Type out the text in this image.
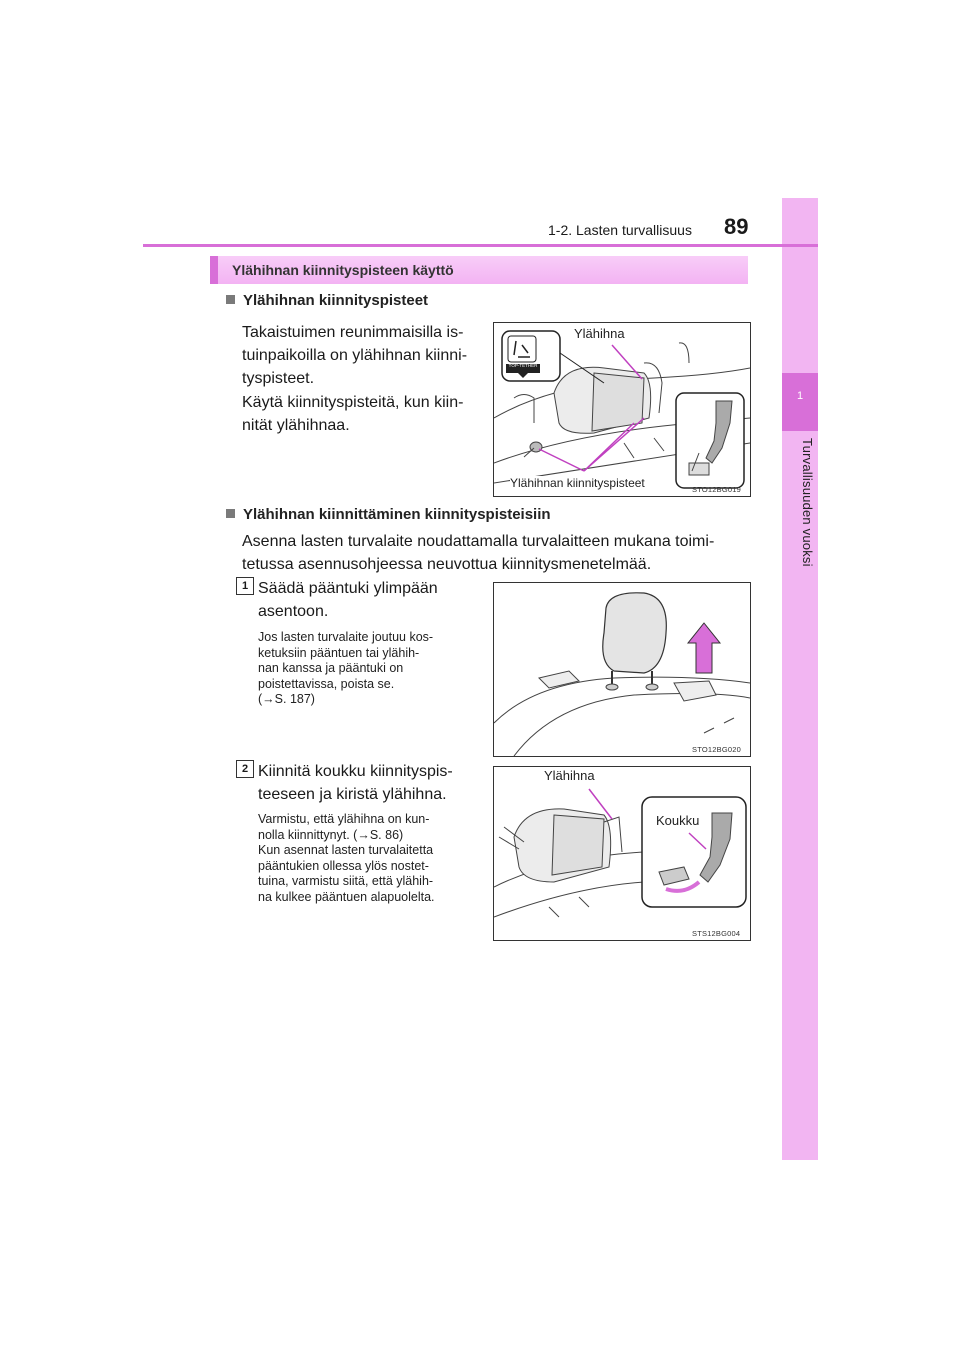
1
Turvallisuuden vuoksi
1-2. Lasten turvallisuus 89
Ylähihnan kiinnityspisteen käyttö
Ylähihnan kiinnityspisteet
Takaistuimen reunimmaisilla is-
tuinpaikoilla on ylähihnan kiinni-
tyspisteet.
Käytä kiinnityspisteitä, kun kiin-
nität ylähihnaa.
Ylähihna
Ylähihnan kiinnityspisteet
TOP-TETHER
STO12BG019
Ylähihnan kiinnittäminen kiinnityspisteisiin
Asenna lasten turvalaite noudattamalla turvalaitteen mukana toimi-
tetussa asennusohjeessa neuvottua kiinnitysmenetelmää.
1 Säädä pääntuki ylimpään
asentoon.
Jos lasten turvalaite joutuu kos-
ketuksiin pääntuen tai ylähih-
nan kanssa ja pääntuki on
poistettavissa, poista se.
(→S. 187)
STO12BG020
2 Kiinnitä koukku kiinnityspis-
teeseen ja kiristä ylähihna.
Varmistu, että ylähihna on kun-
nolla kiinnittynyt. (→S. 86)
Kun asennat lasten turvalaitetta
pääntukien ollessa ylös nostet-
tuina, varmistu siitä, että ylähih-
na kulkee pääntuen alapuolelta.
Ylähihna
Koukku
STS12BG004
